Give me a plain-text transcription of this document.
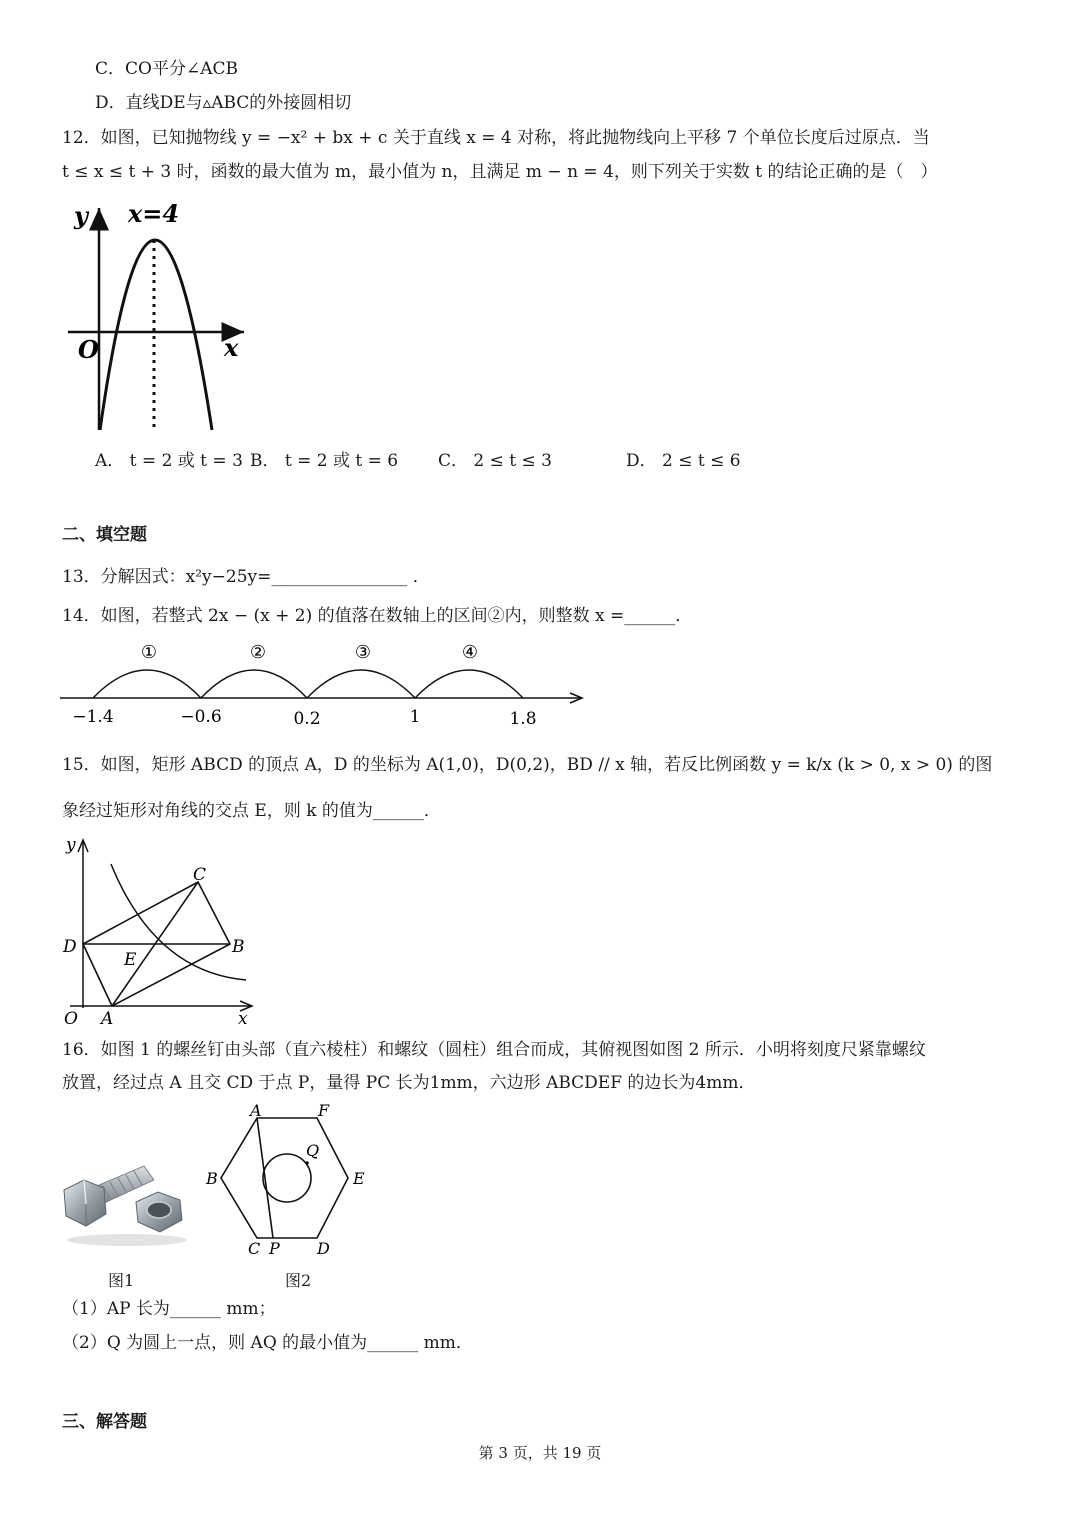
C．CO平分∠ACB
D．直线DE与▵ABC的外接圆相切
12．如图，已知抛物线 y = −x² + bx + c 关于直线 x = 4 对称，将此抛物线向上平移 7 个单位长度后过原点．当
t ≤ x ≤ t + 3 时，函数的最大值为 m，最小值为 n，且满足 m − n = 4，则下列关于实数 t 的结论正确的是（　）
y x=4
O	x
A． t = 2 或 t = 3 B． t = 2 或 t = 6 C． 2 ≤ t ≤ 3	D． 2 ≤ t ≤ 6
二、填空题
13．分解因式：x²y−25y=________________ ．
14．如图，若整式 2x − (x + 2) 的值落在数轴上的区间②内，则整数 x =______．
①	②	③	④
−1.4	−0.6	0.2	1	1.8
15．如图，矩形 ABCD 的顶点 A，D 的坐标为 A(1,0)，D(0,2)，BD // x 轴，若反比例函数 y = k/x (k > 0, x > 0) 的图
象经过矩形对角线的交点 E，则 k 的值为______．
y
C
D	B
E
O A	x
16．如图 1 的螺丝钉由头部（直六棱柱）和螺纹（圆柱）组合而成，其俯视图如图 2 所示．小明将刻度尺紧靠螺纹
放置，经过点 A 且交 CD 于点 P，量得 PC 长为1mm，六边形 ABCDEF 的边长为4mm．
A	F
B	E
Q
C P D
图1	图2
（1）AP 长为______ mm；
（2）Q 为圆上一点，则 AQ 的最小值为______ mm．
三、解答题
第 3 页，共 19 页
